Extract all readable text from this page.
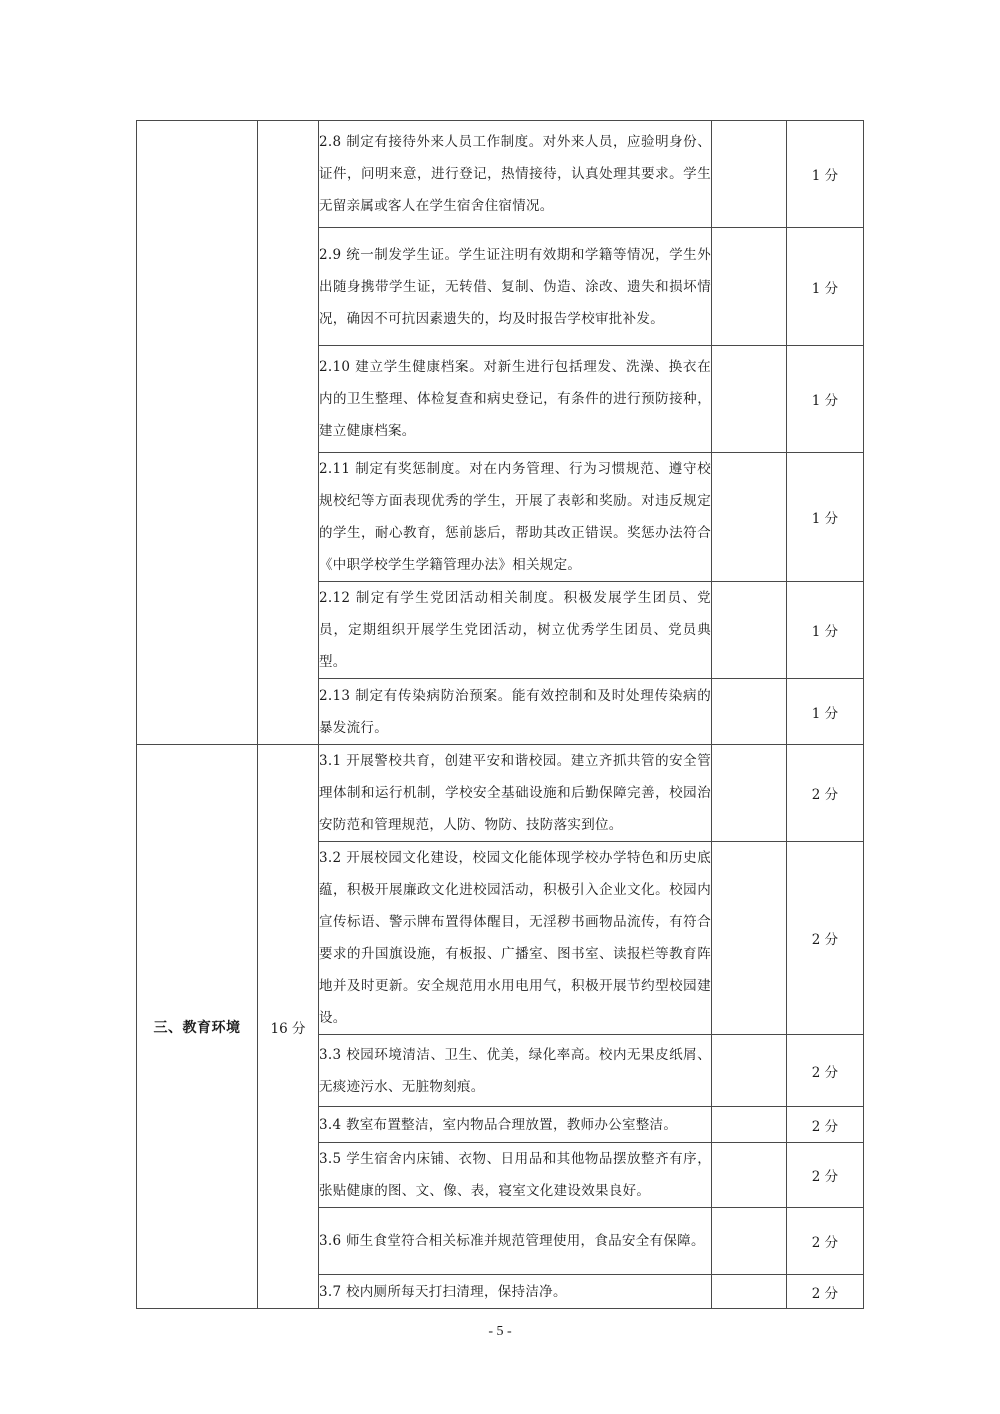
		2.8 制定有接待外来人员工作制度。对外来人员，应验明身份、证件，问明来意，进行登记，热情接待，认真处理其要求。学生无留亲属或客人在学生宿舍住宿情况。		1 分
		2.9 统一制发学生证。学生证注明有效期和学籍等情况，学生外出随身携带学生证，无转借、复制、伪造、涂改、遗失和损坏情况，确因不可抗因素遗失的，均及时报告学校审批补发。		1 分
		2.10 建立学生健康档案。对新生进行包括理发、洗澡、换衣在内的卫生整理、体检复查和病史登记，有条件的进行预防接种，建立健康档案。		1 分
		2.11 制定有奖惩制度。对在内务管理、行为习惯规范、遵守校规校纪等方面表现优秀的学生，开展了表彰和奖励。对违反规定的学生，耐心教育，惩前毖后，帮助其改正错误。奖惩办法符合《中职学校学生学籍管理办法》相关规定。		1 分
		2.12 制定有学生党团活动相关制度。积极发展学生团员、党员，定期组织开展学生党团活动，树立优秀学生团员、党员典型。		1 分
		2.13 制定有传染病防治预案。能有效控制和及时处理传染病的暴发流行。		1 分
三、教育环境	16 分	3.1 开展警校共育，创建平安和谐校园。建立齐抓共管的安全管理体制和运行机制，学校安全基础设施和后勤保障完善，校园治安防范和管理规范，人防、物防、技防落实到位。		2 分
		3.2 开展校园文化建设，校园文化能体现学校办学特色和历史底蕴，积极开展廉政文化进校园活动，积极引入企业文化。校园内宣传标语、警示牌布置得体醒目，无淫秽书画物品流传，有符合要求的升国旗设施，有板报、广播室、图书室、读报栏等教育阵地并及时更新。安全规范用水用电用气，积极开展节约型校园建设。		2 分
		3.3 校园环境清洁、卫生、优美，绿化率高。校内无果皮纸屑、无痰迹污水、无脏物刻痕。		2 分
		3.4 教室布置整洁，室内物品合理放置，教师办公室整洁。		2 分
		3.5 学生宿舍内床铺、衣物、日用品和其他物品摆放整齐有序，张贴健康的图、文、像、表，寝室文化建设效果良好。		2 分
		3.6 师生食堂符合相关标准并规范管理使用，食品安全有保障。		2 分
		3.7 校内厕所每天打扫清理，保持洁净。		2 分
- 5 -
